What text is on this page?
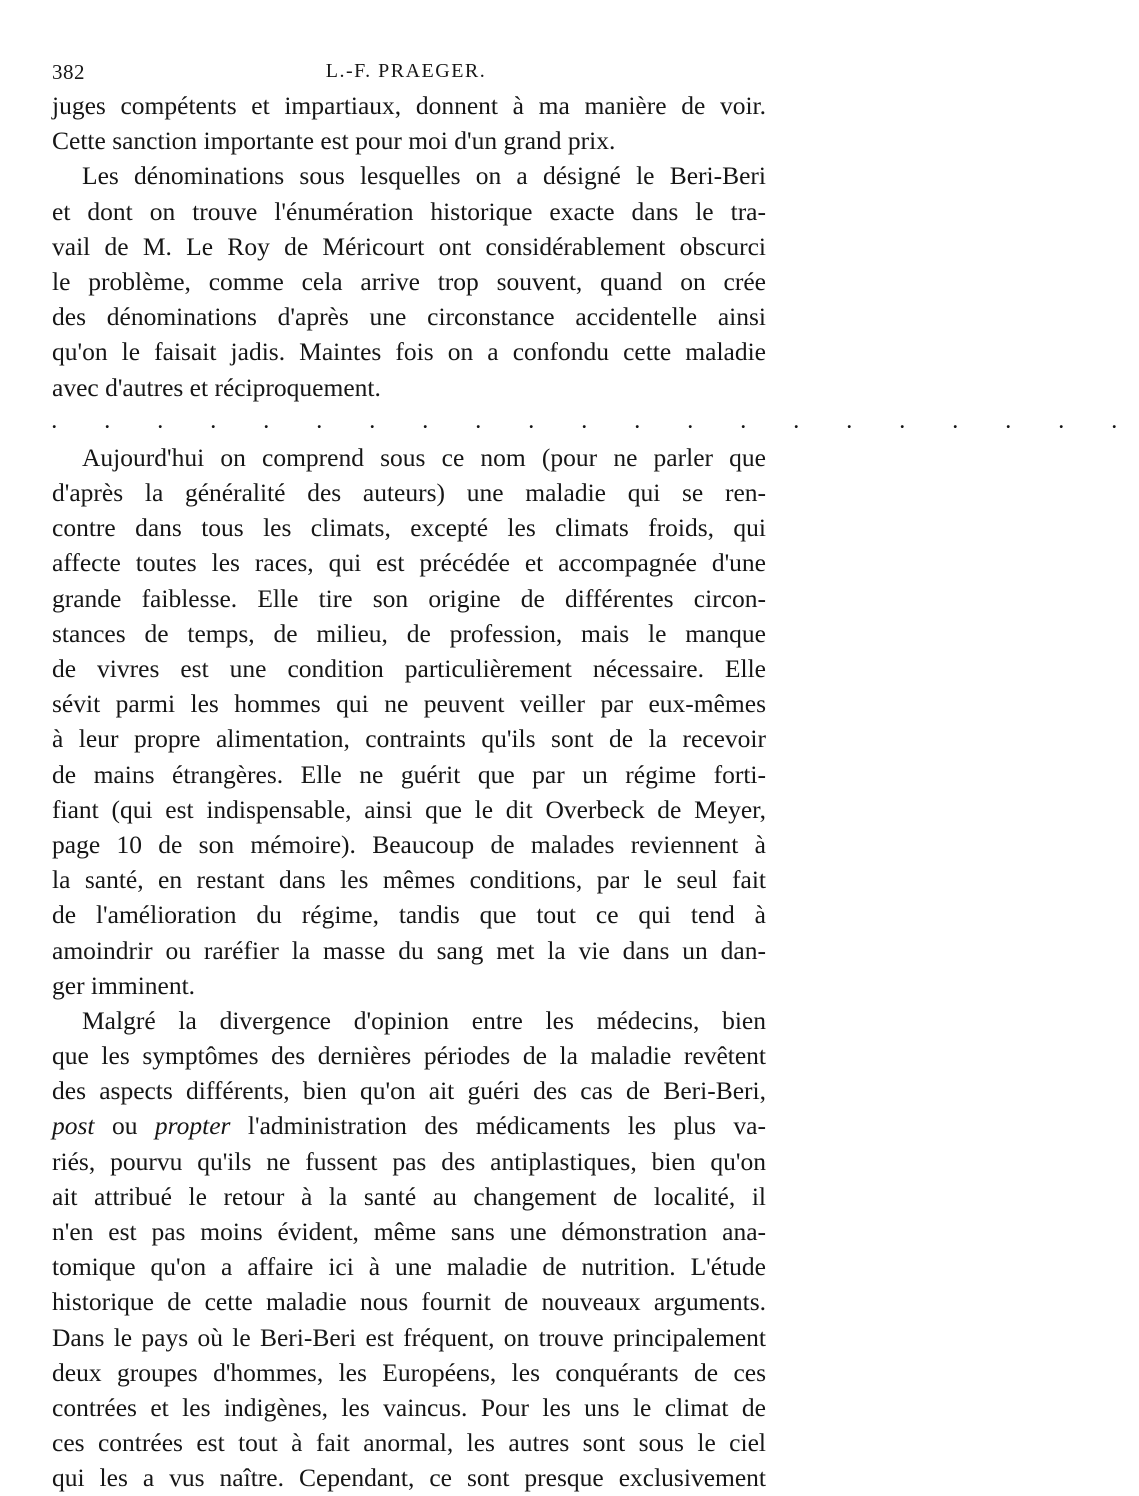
382	L.-F. PRAEGER.

juges compétents et impartiaux, donnent à ma manière de voir.
Cette sanction importante est pour moi d'un grand prix.

Les dénominations sous lesquelles on a désigné le Beri-Beri
et dont on trouve l'énumération historique exacte dans le tra-
vail de M. Le Roy de Méricourt ont considérablement obscurci
le problème, comme cela arrive trop souvent, quand on crée
des dénominations d'après une circonstance accidentelle ainsi
qu'on le faisait jadis. Maintes fois on a confondu cette maladie
avec d'autres et réciproquement.

. . . . . . . . . . . . . . . . . . . . .

Aujourd'hui on comprend sous ce nom (pour ne parler que
d'après la généralité des auteurs) une maladie qui se ren-
contre dans tous les climats, excepté les climats froids, qui
affecte toutes les races, qui est précédée et accompagnée d'une
grande faiblesse. Elle tire son origine de différentes circon-
stances de temps, de milieu, de profession, mais le manque
de vivres est une condition particulièrement nécessaire. Elle
sévit parmi les hommes qui ne peuvent veiller par eux-mêmes
à leur propre alimentation, contraints qu'ils sont de la recevoir
de mains étrangères. Elle ne guérit que par un régime forti-
fiant (qui est indispensable, ainsi que le dit Overbeck de Meyer,
page 10 de son mémoire). Beaucoup de malades reviennent à
la santé, en restant dans les mêmes conditions, par le seul fait
de l'amélioration du régime, tandis que tout ce qui tend à
amoindrir ou raréfier la masse du sang met la vie dans un dan-
ger imminent.

Malgré la divergence d'opinion entre les médecins, bien
que les symptômes des dernières périodes de la maladie revêtent
des aspects différents, bien qu'on ait guéri des cas de Beri-Beri,
post ou propter l'administration des médicaments les plus va-
riés, pourvu qu'ils ne fussent pas des antiplastiques, bien qu'on
ait attribué le retour à la santé au changement de localité, il
n'en est pas moins évident, même sans une démonstration ana-
tomique qu'on a affaire ici à une maladie de nutrition. L'étude
historique de cette maladie nous fournit de nouveaux arguments.
Dans le pays où le Beri-Beri est fréquent, on trouve principalement
deux groupes d'hommes, les Européens, les conquérants de ces
contrées et les indigènes, les vaincus. Pour les uns le climat de
ces contrées est tout à fait anormal, les autres sont sous le ciel
qui les a vus naître. Cependant, ce sont presque exclusivement
